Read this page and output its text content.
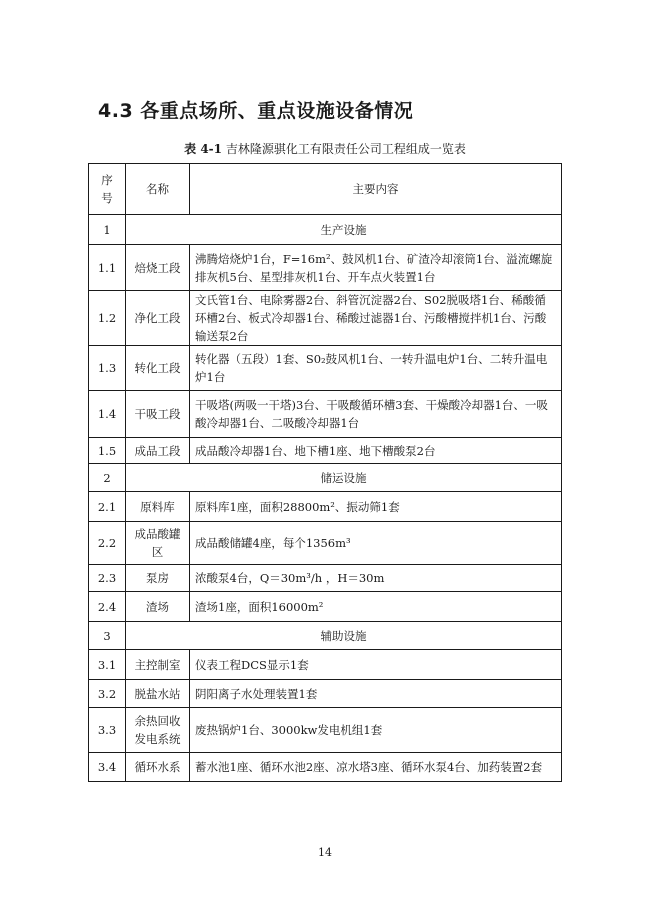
4.3 各重点场所、重点设施设备情况
表 4-1 吉林隆源骐化工有限责任公司工程组成一览表
序号	名称	主要内容
1	生产设施	
1.1	焙烧工段	沸腾焙烧炉1台，F=16m²、鼓风机1台、矿渣冷却滚筒1台、溢流螺旋排灰机5台、星型排灰机1台、开车点火装置1台
1.2	净化工段	文氏管1台、电除雾器2台、斜管沉淀器2台、S02脱吸塔1台、稀酸循环槽2台、板式冷却器1台、稀酸过滤器1台、污酸槽搅拌机1台、污酸输送泵2台
1.3	转化工段	转化器（五段）1套、S0₂鼓风机1台、一转升温电炉1台、二转升温电炉1台
1.4	干吸工段	干吸塔(两吸一干塔)3台、干吸酸循环槽3套、干燥酸冷却器1台、一吸酸冷却器1台、二吸酸冷却器1台
1.5	成品工段	成品酸冷却器1台、地下槽1座、地下槽酸泵2台
2	储运设施	
2.1	原料库	原料库1座，面积28800m²、振动筛1套
2.2	成品酸罐区	成品酸储罐4座，每个1356m³
2.3	泵房	浓酸泵4台，Q＝30m³/h ，H＝30m
2.4	渣场	渣场1座，面积16000m²
3	辅助设施	
3.1	主控制室	仪表工程DCS显示1套
3.2	脱盐水站	阴阳离子水处理装置1套
3.3	余热回收发电系统	废热锅炉1台、3000kw发电机组1套
3.4	循环水系	蓄水池1座、循环水池2座、凉水塔3座、循环水泵4台、加药装置2套
14
